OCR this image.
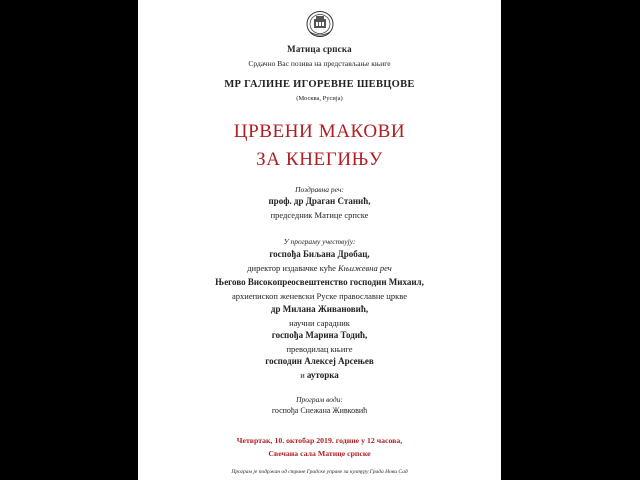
Матица српска
Срдачно Вас позива на представљање књиге
МР ГАЛИНЕ ИГОРЕВНЕ ШЕВЦОВЕ
(Москва, Русија)
ЦРВЕНИ МАКОВИ
ЗА КНЕГИЊУ
Поздравна реч:
проф. др Драган Станић,
председник Матице српске
У програму учествују:
госпођа Биљана Дробац,
директор издавачке куће Књижевна реч
Његово Високопреосвештенство господин Михаил,
архиепископ женевски Руске православне цркве
др Милана Живановић,
научни сарадник
госпођа Марина Тодић,
преводилац књиге
господин Алексеј Арсењев
и ауторка
Програм води:
госпођа Снежана Живковић
Четвртак, 10. октобар 2019. године у 12 часова,
Свечана сала Матице српске
Програм је подржан од стране Градске управе за културу Града Нови Сад
